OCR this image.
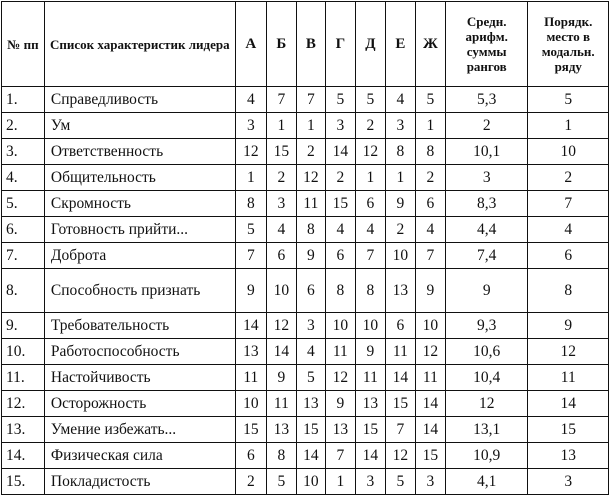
№ пп	Список характеристик лидера	А	Б	В	Г	Д	Е	Ж	Средн. арифм. суммы рангов	Порядк. место в модальн. ряду
1.	Справедливость	4	7	7	5	5	4	5	5,3	5
2.	Ум	3	1	1	3	2	3	1	2	1
3.	Ответственность	12	15	2	14	12	8	8	10,1	10
4.	Общительность	1	2	12	2	1	1	2	3	2
5.	Скромность	8	3	11	15	6	9	6	8,3	7
6.	Готовность прийти...	5	4	8	4	4	2	4	4,4	4
7.	Доброта	7	6	9	6	7	10	7	7,4	6
8.	Способность признать	9	10	6	8	8	13	9	9	8
9.	Требовательность	14	12	3	10	10	6	10	9,3	9
10.	Работоспособность	13	14	4	11	9	11	12	10,6	12
11.	Настойчивость	11	9	5	12	11	14	11	10,4	11
12.	Осторожность	10	11	13	9	13	15	14	12	14
13.	Умение избежать...	15	13	15	13	15	7	14	13,1	15
14.	Физическая сила	6	8	14	7	14	12	15	10,9	13
15.	Покладистость	2	5	10	1	3	5	3	4,1	3
